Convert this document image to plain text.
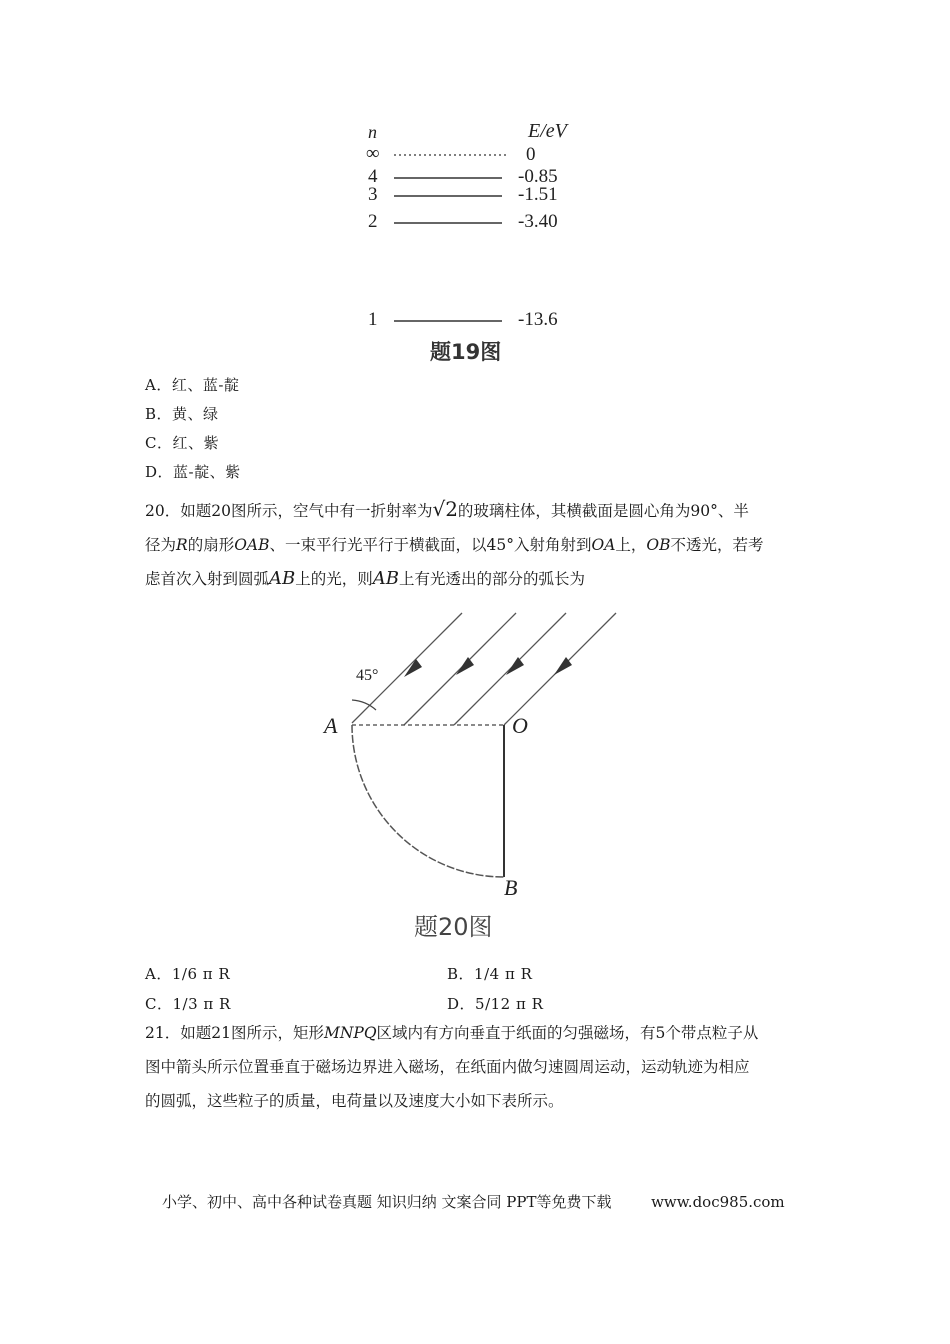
n	E/eV
∞	0
4	-0.85
3	-1.51
2	-3.40
1	-13.6
题19图
A．红、蓝-靛
B．黄、绿
C．红、紫
D．蓝-靛、紫
20．如题20图所示，空气中有一折射率为√2的玻璃柱体，其横截面是圆心角为90°、半
径为R的扇形OAB、一束平行光平行于横截面，以45°入射角射到OA上，OB不透光，若考
虑首次入射到圆弧AB上的光，则AB上有光透出的部分的弧长为
45°
A	O
B
题20图
A．1/6 π R	B．1/4 π R
C．1/3 π R	D．5/12 π R
21．如题21图所示，矩形MNPQ区域内有方向垂直于纸面的匀强磁场，有5个带点粒子从
图中箭头所示位置垂直于磁场边界进入磁场，在纸面内做匀速圆周运动，运动轨迹为相应
的圆弧，这些粒子的质量，电荷量以及速度大小如下表所示。
小学、初中、高中各种试卷真题 知识归纳 文案合同 PPT等免费下载	www.doc985.com
